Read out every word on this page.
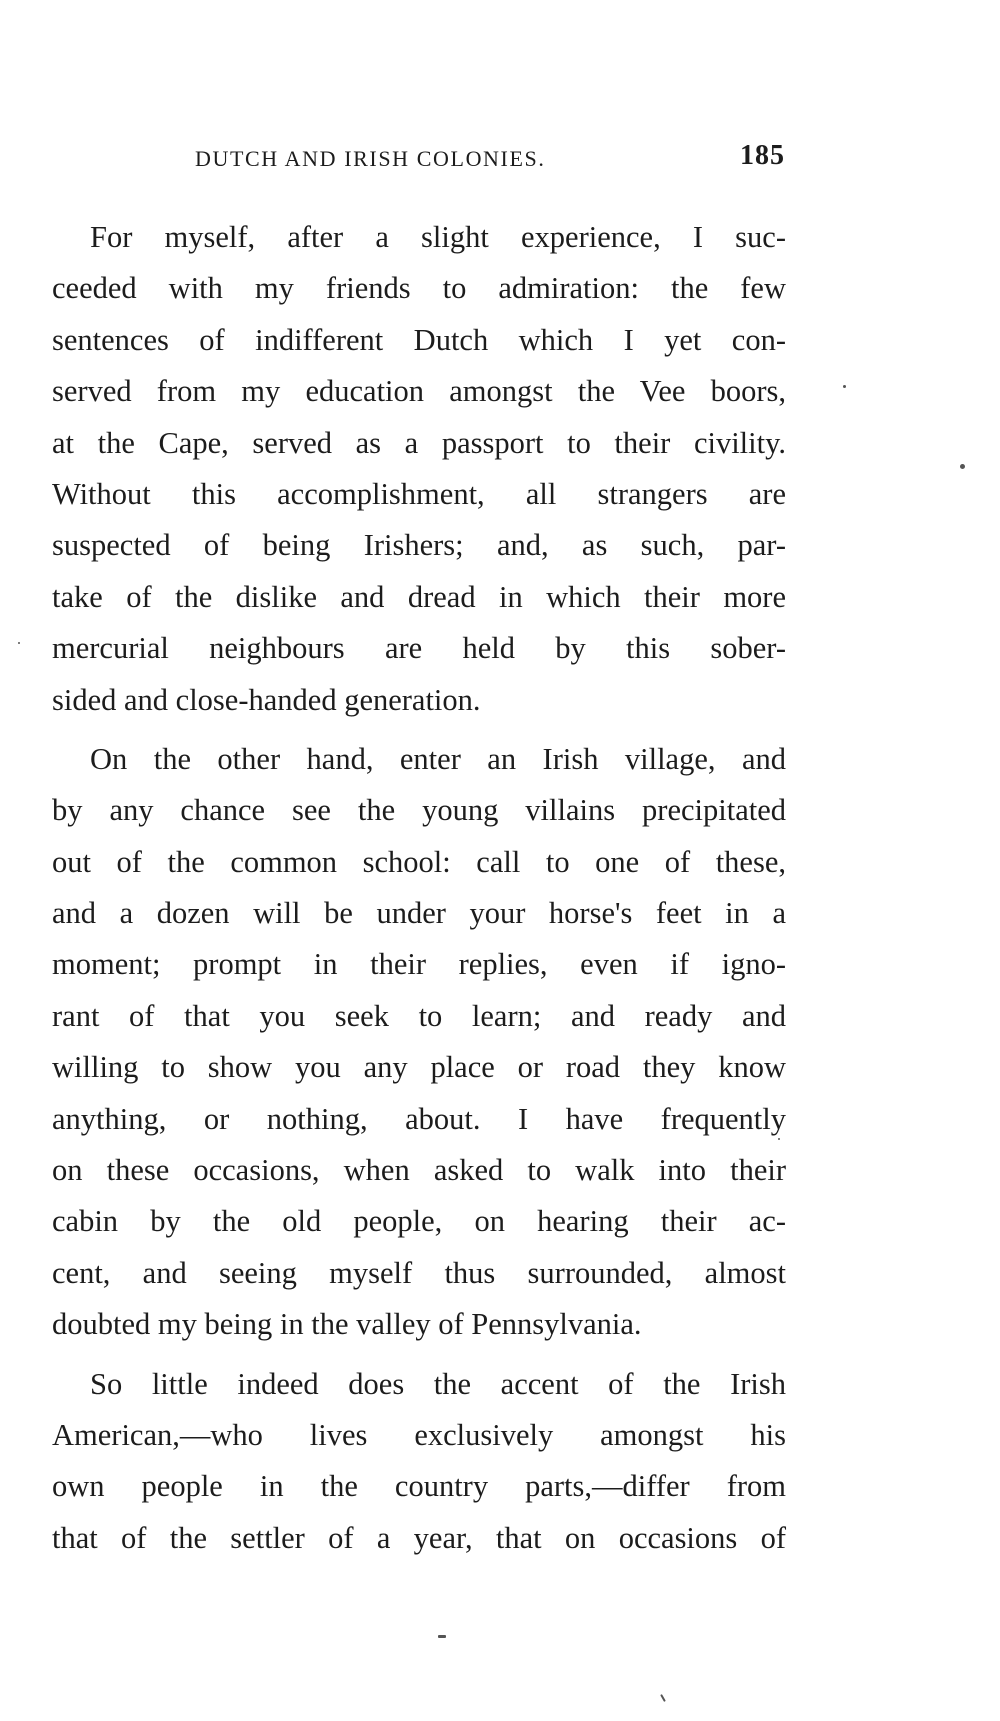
DUTCH AND IRISH COLONIES.	185
For myself, after a slight experience, I suc-
ceeded with my friends to admiration: the few
sentences of indifferent Dutch which I yet con-
served from my education amongst the Vee boors,
at the Cape, served as a passport to their civility.
Without this accomplishment, all strangers are
suspected of being Irishers; and, as such, par-
take of the dislike and dread in which their more
mercurial neighbours are held by this sober-
sided and close-handed generation.
On the other hand, enter an Irish village, and
by any chance see the young villains precipitated
out of the common school: call to one of these,
and a dozen will be under your horse's feet in a
moment; prompt in their replies, even if igno-
rant of that you seek to learn; and ready and
willing to show you any place or road they know
anything, or nothing, about. I have frequently
on these occasions, when asked to walk into their
cabin by the old people, on hearing their ac-
cent, and seeing myself thus surrounded, almost
doubted my being in the valley of Pennsylvania.
So little indeed does the accent of the Irish
American,—who lives exclusively amongst his
own people in the country parts,—differ from
that of the settler of a year, that on occasions of
